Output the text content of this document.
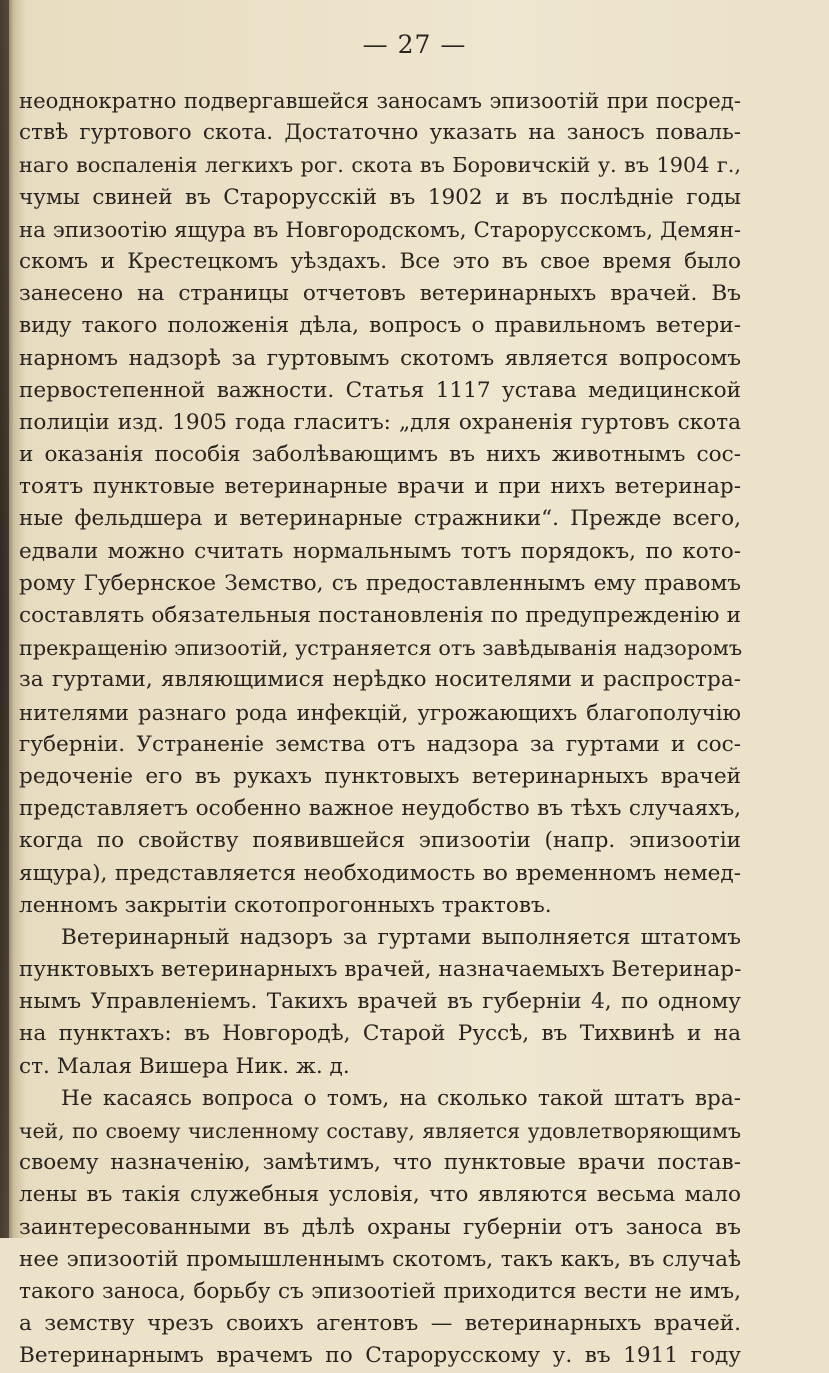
— 27 —
неоднократно подвергавшейся заносамъ эпизоотій при посред-
ствѣ гуртового скота. Достаточно указать на заносъ поваль-
наго воспаленія легкихъ рог. скота въ Боровичскій у. въ 1904 г.,
чумы свиней въ Старорусскій въ 1902 и въ послѣдніе годы
на эпизоотію ящура въ Новгородскомъ, Старорусскомъ, Демян-
скомъ и Крестецкомъ уѣздахъ. Все это въ свое время было
занесено на страницы отчетовъ ветеринарныхъ врачей. Въ
виду такого положенія дѣла, вопросъ о правильномъ ветери-
нарномъ надзорѣ за гуртовымъ скотомъ является вопросомъ
первостепенной важности. Статья 1117 устава медицинской
полиціи изд. 1905 года гласитъ: „для охраненія гуртовъ скота
и оказанія пособія заболѣвающимъ въ нихъ животнымъ сос-
тоятъ пунктовые ветеринарные врачи и при нихъ ветеринар-
ные фельдшера и ветеринарные стражники“. Прежде всего,
едвали можно считать нормальнымъ тотъ порядокъ, по кото-
рому Губернское Земство, съ предоставленнымъ ему правомъ
составлять обязательныя постановленія по предупрежденію и
прекращенію эпизоотій, устраняется отъ завѣдыванія надзоромъ
за гуртами, являющимися нерѣдко носителями и распростра-
нителями разнаго рода инфекцій, угрожающихъ благополучію
губерніи. Устраненіе земства отъ надзора за гуртами и сос-
редоченіе его въ рукахъ пунктовыхъ ветеринарныхъ врачей
представляетъ особенно важное неудобство въ тѣхъ случаяхъ,
когда по свойству появившейся эпизоотіи (напр. эпизоотіи
ящура), представляется необходимость во временномъ немед-
ленномъ закрытіи скотопрогонныхъ трактовъ.
Ветеринарный надзоръ за гуртами выполняется штатомъ
пунктовыхъ ветеринарныхъ врачей, назначаемыхъ Ветеринар-
нымъ Управленіемъ. Такихъ врачей въ губерніи 4, по одному
на пунктахъ: въ Новгородѣ, Старой Руссѣ, въ Тихвинѣ и на
ст. Малая Вишера Ник. ж. д.
Не касаясь вопроса о томъ, на сколько такой штатъ вра-
чей, по своему численному составу, является удовлетворяющимъ
своему назначенію, замѣтимъ, что пунктовые врачи постав-
лены въ такія служебныя условія, что являются весьма мало
заинтересованными въ дѣлѣ охраны губерніи отъ заноса въ
нее эпизоотій промышленнымъ скотомъ, такъ какъ, въ случаѣ
такого заноса, борьбу съ эпизоотіей приходится вести не имъ,
а земству чрезъ своихъ агентовъ — ветеринарныхъ врачей.
Ветеринарнымъ врачемъ по Старорусскому у. въ 1911 году
